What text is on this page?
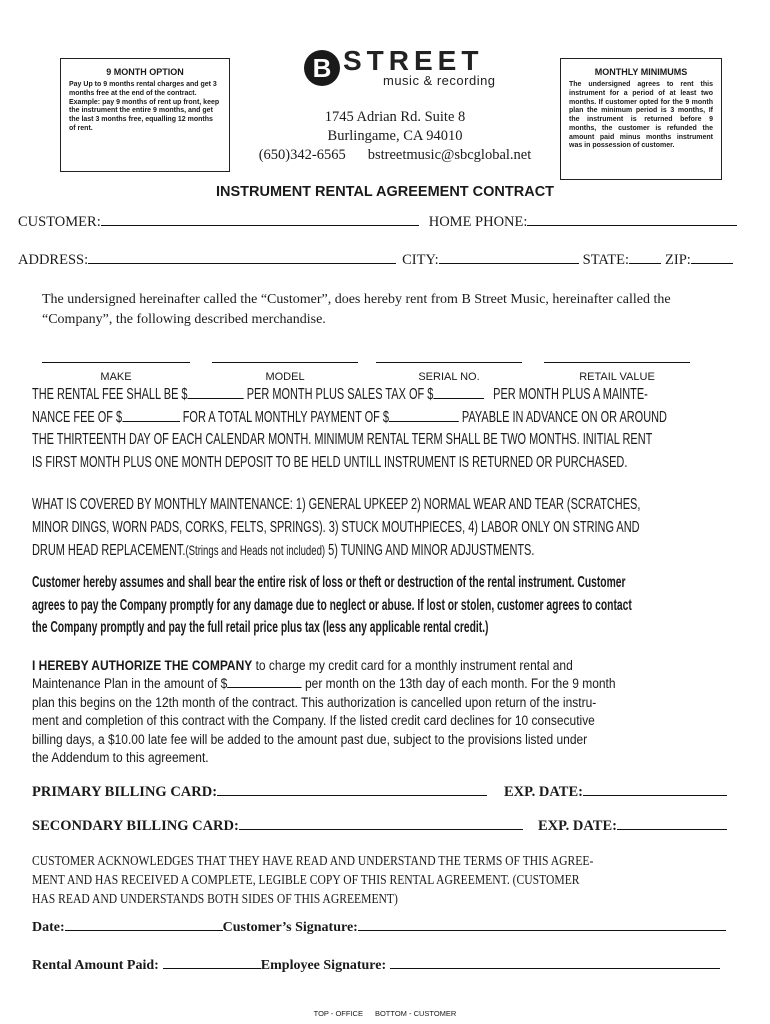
9 MONTH OPTION
Pay Up to 9 months rental charges and get 3 months free at the end of the contract. Example: pay 9 months of rent up front, keep the instrument the entire 9 months, and get the last 3 months free, equalling 12 months of rent.
MONTHLY MINIMUMS
The undersigned agrees to rent this instrument for a period of at least two months. If customer opted for the 9 month plan the minimum period is 3 months, If the instrument is returned before 9 months, the customer is refunded the amount paid minus months instrument was in possession of customer.
B STREET
music & recording
1745 Adrian Rd. Suite 8
Burlingame, CA 94010
(650)342-6565 bstreetmusic@sbcglobal.net
INSTRUMENT RENTAL AGREEMENT CONTRACT
CUSTOMER:	HOME PHONE:
ADDRESS:	CITY:	STATE: ZIP:
The undersigned hereinafter called the “Customer”, does hereby rent from B Street Music, hereinafter called the “Company”, the following described merchandise.
MAKE	MODEL	SERIAL NO.	RETAIL VALUE
THE RENTAL FEE SHALL BE $	PER MONTH PLUS SALES TAX OF $	PER MONTH PLUS A MAINTE-
NANCE FEE OF $	FOR A TOTAL MONTHLY PAYMENT OF $	PAYABLE IN ADVANCE ON OR AROUND
THE THIRTEENTH DAY OF EACH CALENDAR MONTH. MINIMUM RENTAL TERM SHALL BE TWO MONTHS. INITIAL RENT
IS FIRST MONTH PLUS ONE MONTH DEPOSIT TO BE HELD UNTILL INSTRUMENT IS RETURNED OR PURCHASED.
WHAT IS COVERED BY MONTHLY MAINTENANCE: 1) GENERAL UPKEEP 2) NORMAL WEAR AND TEAR (SCRATCHES,
MINOR DINGS, WORN PADS, CORKS, FELTS, SPRINGS). 3) STUCK MOUTHPIECES, 4) LABOR ONLY ON STRING AND
DRUM HEAD REPLACEMENT.(Strings and Heads not included) 5) TUNING AND MINOR ADJUSTMENTS.
Customer hereby assumes and shall bear the entire risk of loss or theft or destruction of the rental instrument. Customer
agrees to pay the Company promptly for any damage due to neglect or abuse. If lost or stolen, customer agrees to contact
the Company promptly and pay the full retail price plus tax (less any applicable rental credit.)
I HEREBY AUTHORIZE THE COMPANY to charge my credit card for a monthly instrument rental and
Maintenance Plan in the amount of $	per month on the 13th day of each month. For the 9 month
plan this begins on the 12th month of the contract. This authorization is cancelled upon return of the instru-
ment and completion of this contract with the Company. If the listed credit card declines for 10 consecutive
billing days, a $10.00 late fee will be added to the amount past due, subject to the provisions listed under
the Addendum to this agreement.
PRIMARY BILLING CARD:	EXP. DATE:
SECONDARY BILLING CARD:	EXP. DATE:
CUSTOMER ACKNOWLEDGES THAT THEY HAVE READ AND UNDERSTAND THE TERMS OF THIS AGREE-
MENT AND HAS RECEIVED A COMPLETE, LEGIBLE COPY OF THIS RENTAL AGREEMENT. (CUSTOMER
HAS READ AND UNDERSTANDS BOTH SIDES OF THIS AGREEMENT)
Date:	Customer’s Signature:
Rental Amount Paid:	Employee Signature:
TOP - OFFICE BOTTOM - CUSTOMER
